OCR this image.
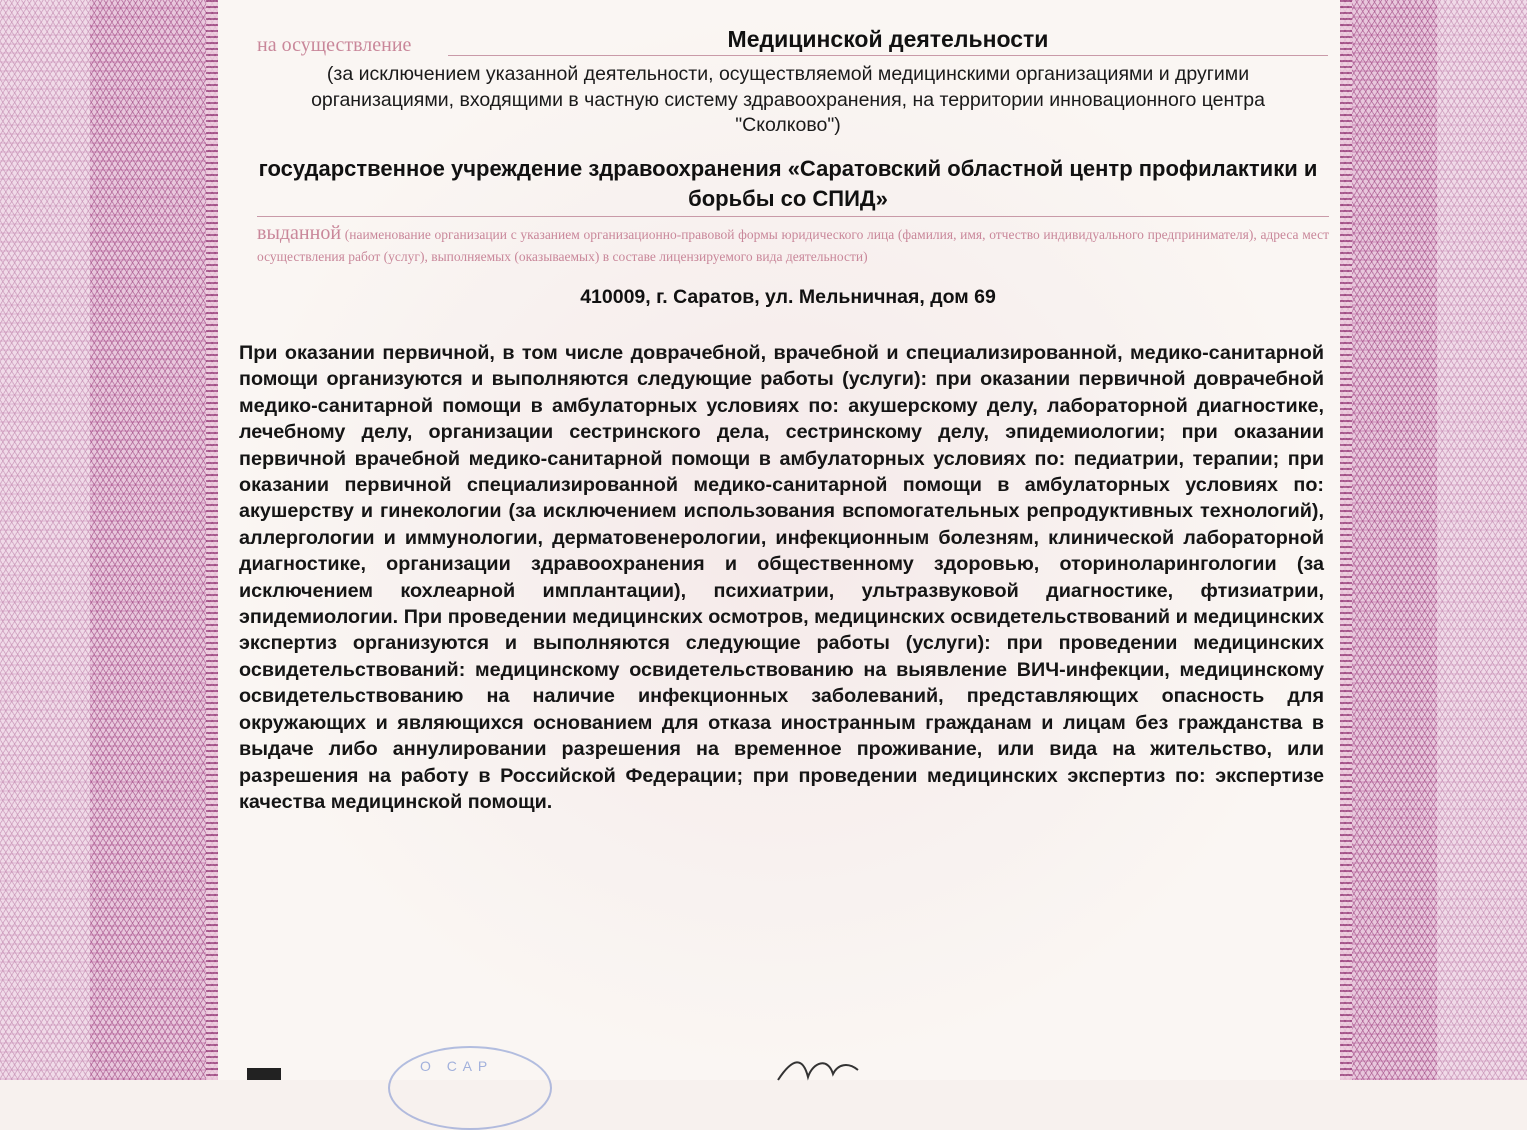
на осуществление	Медицинской деятельности
(за исключением указанной деятельности, осуществляемой медицинскими организациями и другими организациями, входящими в частную систему здравоохранения, на территории инновационного центра "Сколково")
государственное учреждение здравоохранения «Саратовский областной центр профилактики и борьбы со СПИД»
выданной (наименование организации с указанием организационно-правовой формы юридического лица (фамилия, имя, отчество индивидуального предпринимателя), адреса мест осуществления работ (услуг), выполняемых (оказываемых) в составе лицензируемого вида деятельности)
410009, г. Саратов, ул. Мельничная, дом 69
При оказании первичной, в том числе доврачебной, врачебной и специализированной, медико-санитарной помощи организуются и выполняются следующие работы (услуги): при оказании первичной доврачебной медико-санитарной помощи в амбулаторных условиях по: акушерскому делу, лабораторной диагностике, лечебному делу, организации сестринского дела, сестринскому делу, эпидемиологии; при оказании первичной врачебной медико-санитарной помощи в амбулаторных условиях по: педиатрии, терапии; при оказании первичной специализированной медико-санитарной помощи в амбулаторных условиях по: акушерству и гинекологии (за исключением использования вспомогательных репродуктивных технологий), аллергологии и иммунологии, дерматовенерологии, инфекционным болезням, клинической лабораторной диагностике, организации здравоохранения и общественному здоровью, оториноларингологии (за исключением кохлеарной имплантации), психиатрии, ультразвуковой диагностике, фтизиатрии, эпидемиологии. При проведении медицинских осмотров, медицинских освидетельствований и медицинских экспертиз организуются и выполняются следующие работы (услуги): при проведении медицинских освидетельствований: медицинскому освидетельствованию на выявление ВИЧ-инфекции, медицинскому освидетельствованию на наличие инфекционных заболеваний, представляющих опасность для окружающих и являющихся основанием для отказа иностранным гражданам и лицам без гражданства в выдаче либо аннулировании разрешения на временное проживание, или вида на жительство, или разрешения на работу в Российской Федерации; при проведении медицинских экспертиз по: экспертизе качества медицинской помощи.
О САР
